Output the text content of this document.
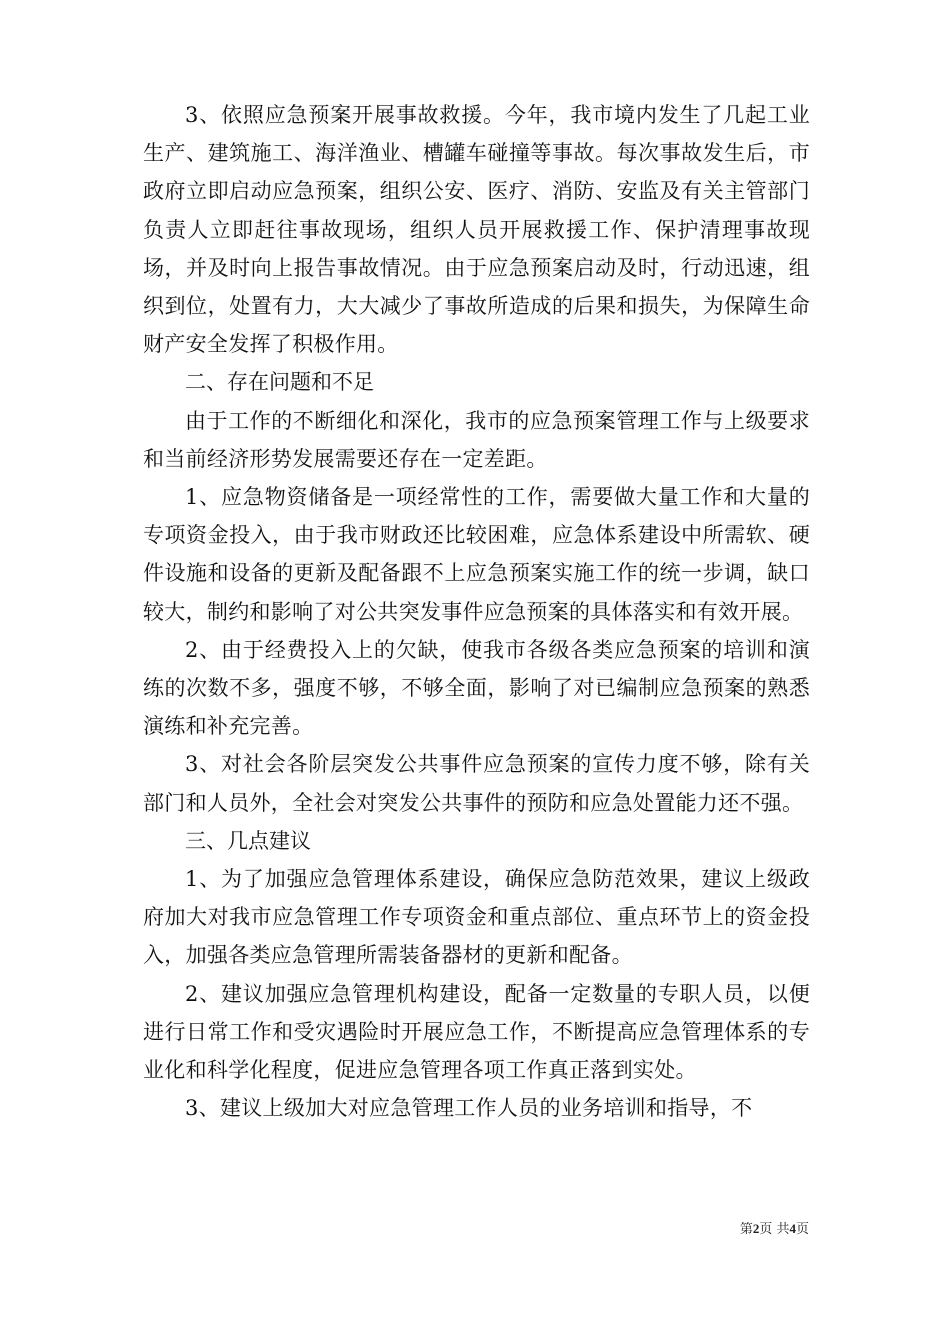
3、依照应急预案开展事故救援。今年，我市境内发生了几起工业生产、建筑施工、海洋渔业、槽罐车碰撞等事故。每次事故发生后，市政府立即启动应急预案，组织公安、医疗、消防、安监及有关主管部门负责人立即赶往事故现场，组织人员开展救援工作、保护清理事故现场，并及时向上报告事故情况。由于应急预案启动及时，行动迅速，组织到位，处置有力，大大减少了事故所造成的后果和损失，为保障生命财产安全发挥了积极作用。

二、存在问题和不足

由于工作的不断细化和深化，我市的应急预案管理工作与上级要求和当前经济形势发展需要还存在一定差距。

1、应急物资储备是一项经常性的工作，需要做大量工作和大量的专项资金投入，由于我市财政还比较困难，应急体系建设中所需软、硬件设施和设备的更新及配备跟不上应急预案实施工作的统一步调，缺口较大，制约和影响了对公共突发事件应急预案的具体落实和有效开展。

2、由于经费投入上的欠缺，使我市各级各类应急预案的培训和演练的次数不多，强度不够，不够全面，影响了对已编制应急预案的熟悉演练和补充完善。

3、对社会各阶层突发公共事件应急预案的宣传力度不够，除有关部门和人员外，全社会对突发公共事件的预防和应急处置能力还不强。

三、几点建议

1、为了加强应急管理体系建设，确保应急防范效果，建议上级政府加大对我市应急管理工作专项资金和重点部位、重点环节上的资金投入，加强各类应急管理所需装备器材的更新和配备。

2、建议加强应急管理机构建设，配备一定数量的专职人员，以便进行日常工作和受灾遇险时开展应急工作，不断提高应急管理体系的专业化和科学化程度，促进应急管理各项工作真正落到实处。

3、建议上级加大对应急管理工作人员的业务培训和指导，不

第2页 共4页
